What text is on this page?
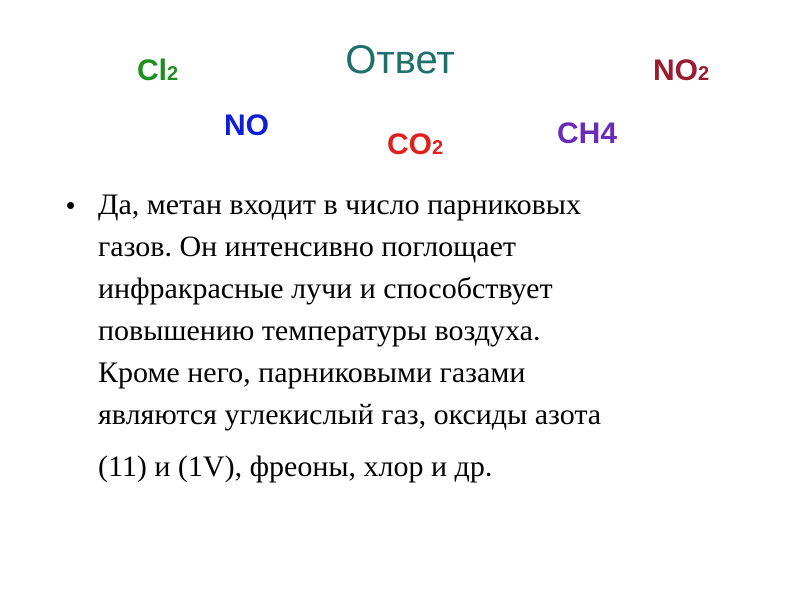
Ответ
Cl2	NO2
NO
CO2	CH4
• Да, метан входит в число парниковых
газов. Он интенсивно поглощает
инфракрасные лучи и способствует
повышению температуры воздуха.
Кроме него, парниковыми газами
являются углекислый газ, оксиды азота
(11) и (1V), фреоны, хлор и др.
